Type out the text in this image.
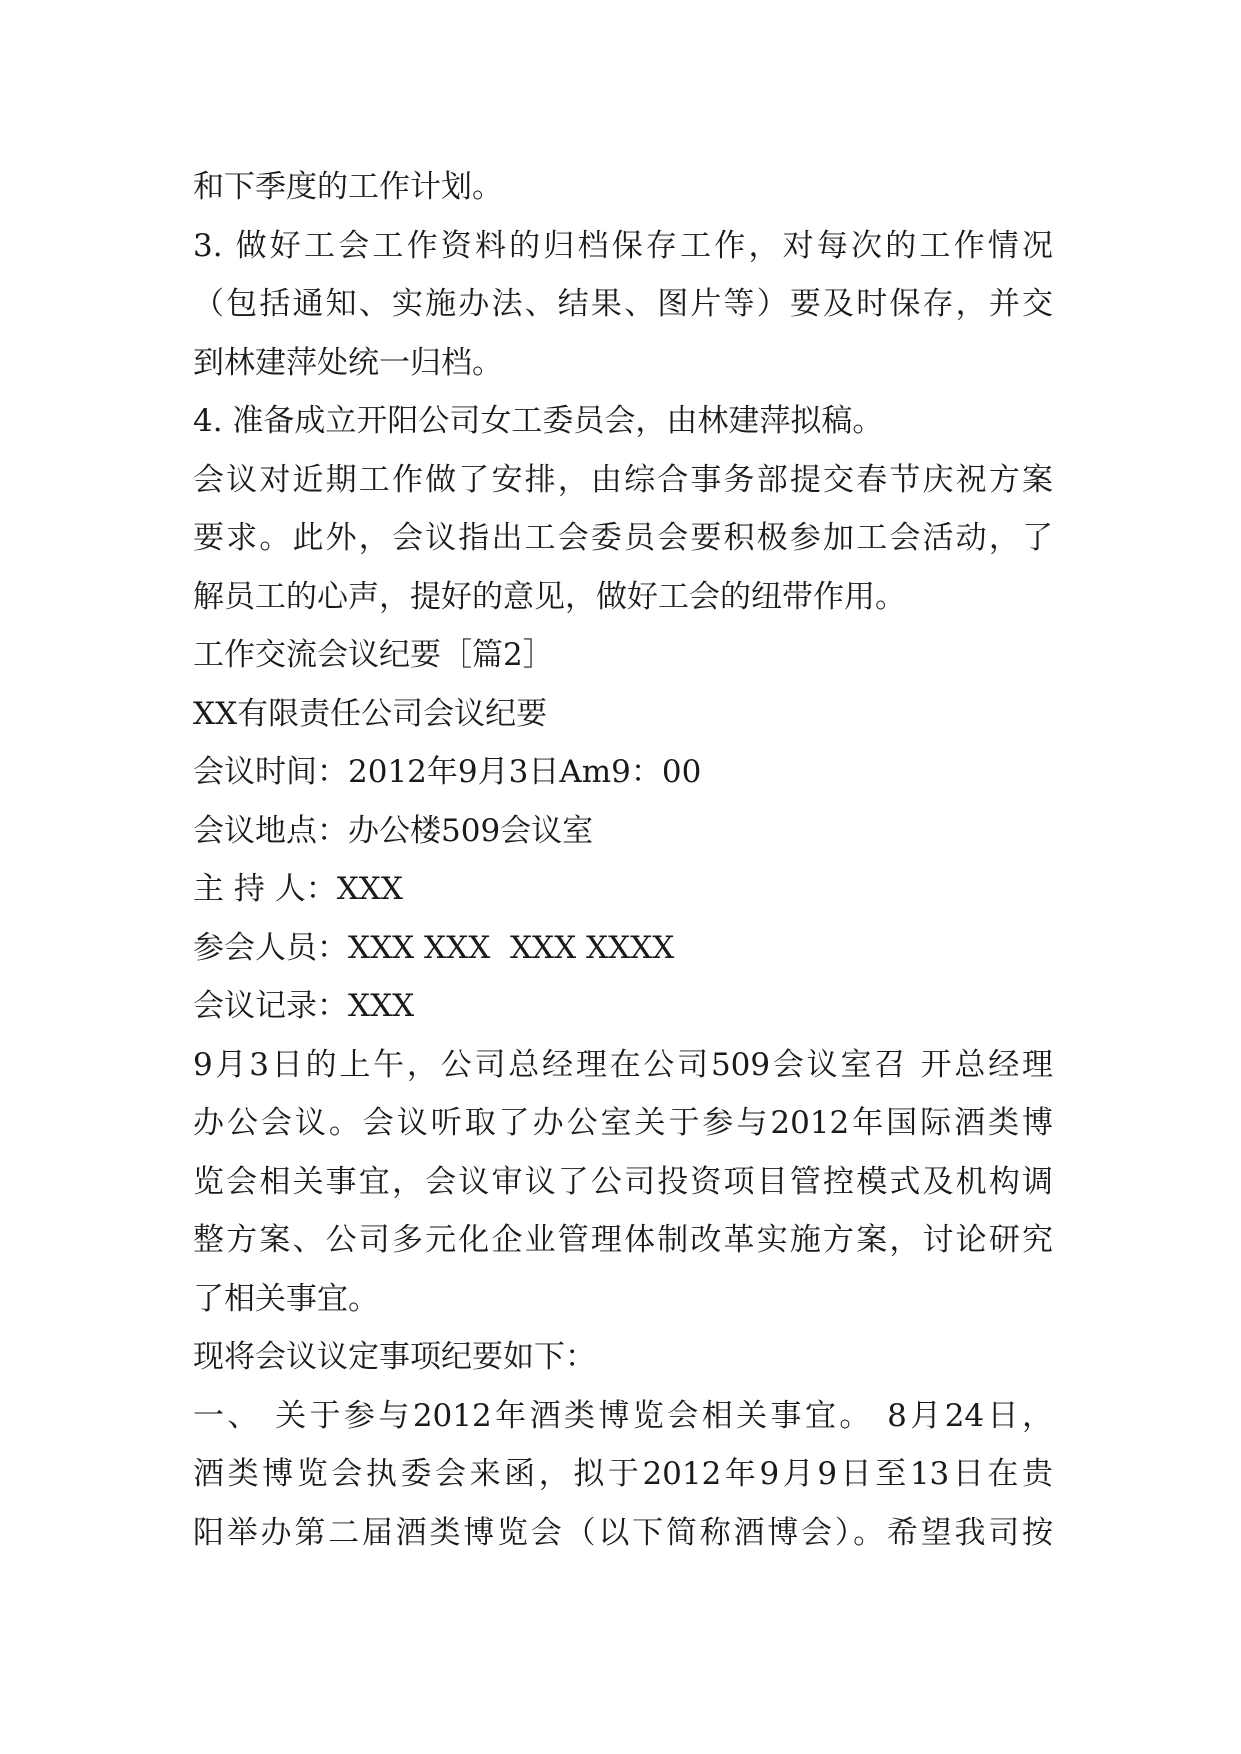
和下季度的工作计划。
3. 做好工会工作资料的归档保存工作，对每次的工作情况
（包括通知、实施办法、结果、图片等）要及时保存，并交
到林建萍处统一归档。
4. 准备成立开阳公司女工委员会，由林建萍拟稿。
会议对近期工作做了安排，由综合事务部提交春节庆祝方案
要求。此外，会议指出工会委员会要积极参加工会活动，了
解员工的心声，提好的意见，做好工会的纽带作用。
工作交流会议纪要［篇2］
XX有限责任公司会议纪要
会议时间：2012年9月3日Am9：00
会议地点：办公楼509会议室
主 持 人：XXX
参会人员：XXX XXX  XXX XXXX
会议记录：XXX
9月3日的上午，公司总经理在公司509会议室召 开总经理
办公会议。会议听取了办公室关于参与2012年国际酒类博
览会相关事宜，会议审议了公司投资项目管控模式及机构调
整方案、公司多元化企业管理体制改革实施方案，讨论研究
了相关事宜。
现将会议议定事项纪要如下：
一、 关于参与2012年酒类博览会相关事宜。 8月24日，
酒类博览会执委会来函，拟于2012年9月9日至13日在贵
阳举办第二届酒类博览会（以下简称酒博会）。希望我司按
